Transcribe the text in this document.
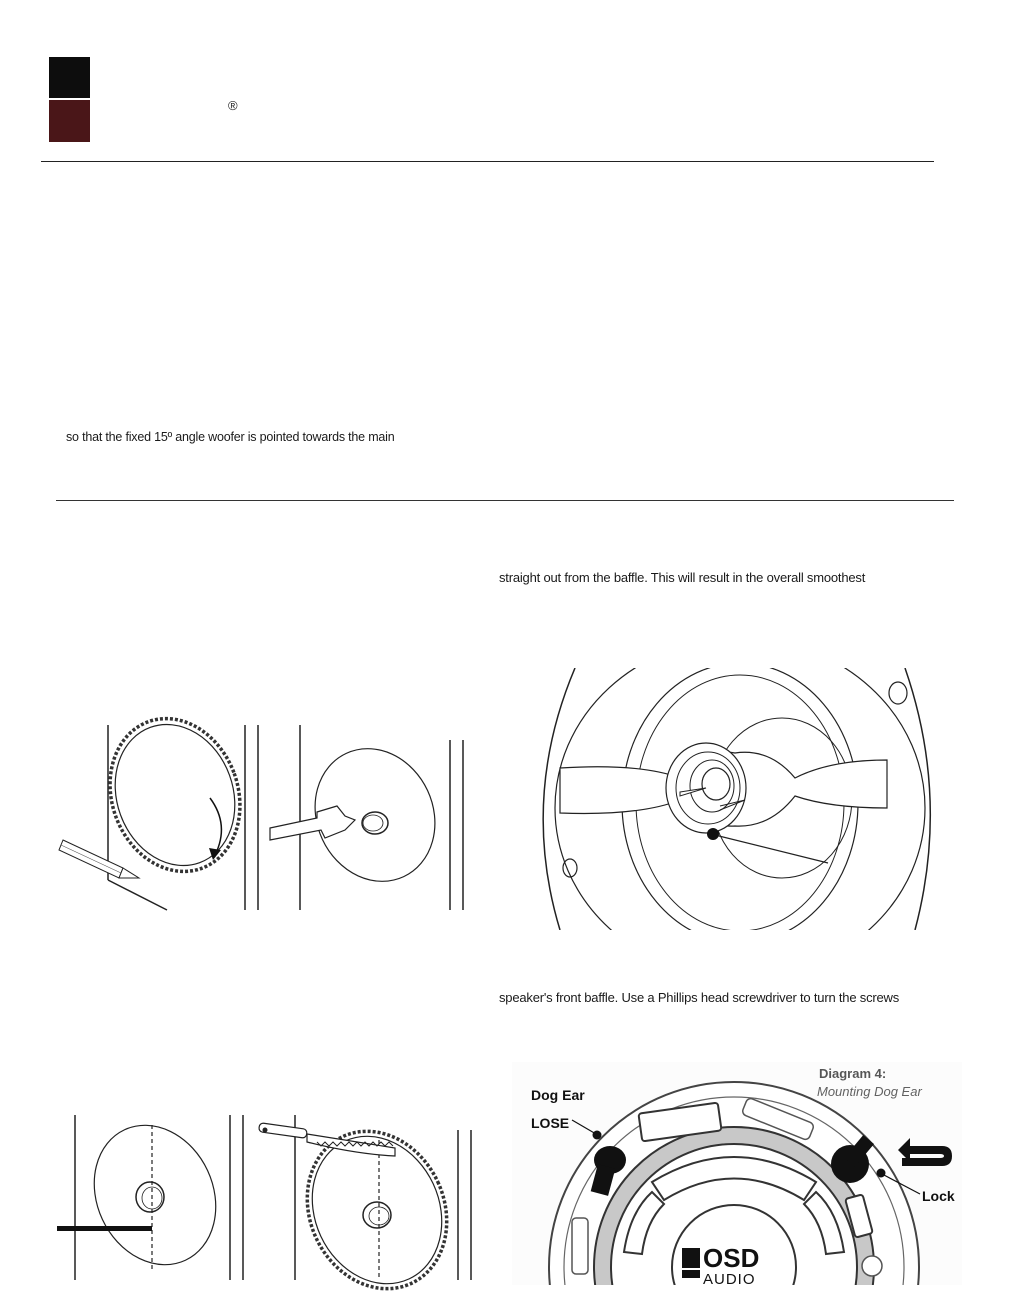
®
so that the fixed 15º angle woofer is pointed towards the main
straight out from the baffle. This will result in the overall smoothest
speaker's front baffle. Use a Phillips head screwdriver to turn the screws
Diagram 4:
Mounting Dog Ear
OSD
AUDIO
Dog Ear
LOSE
Lock
